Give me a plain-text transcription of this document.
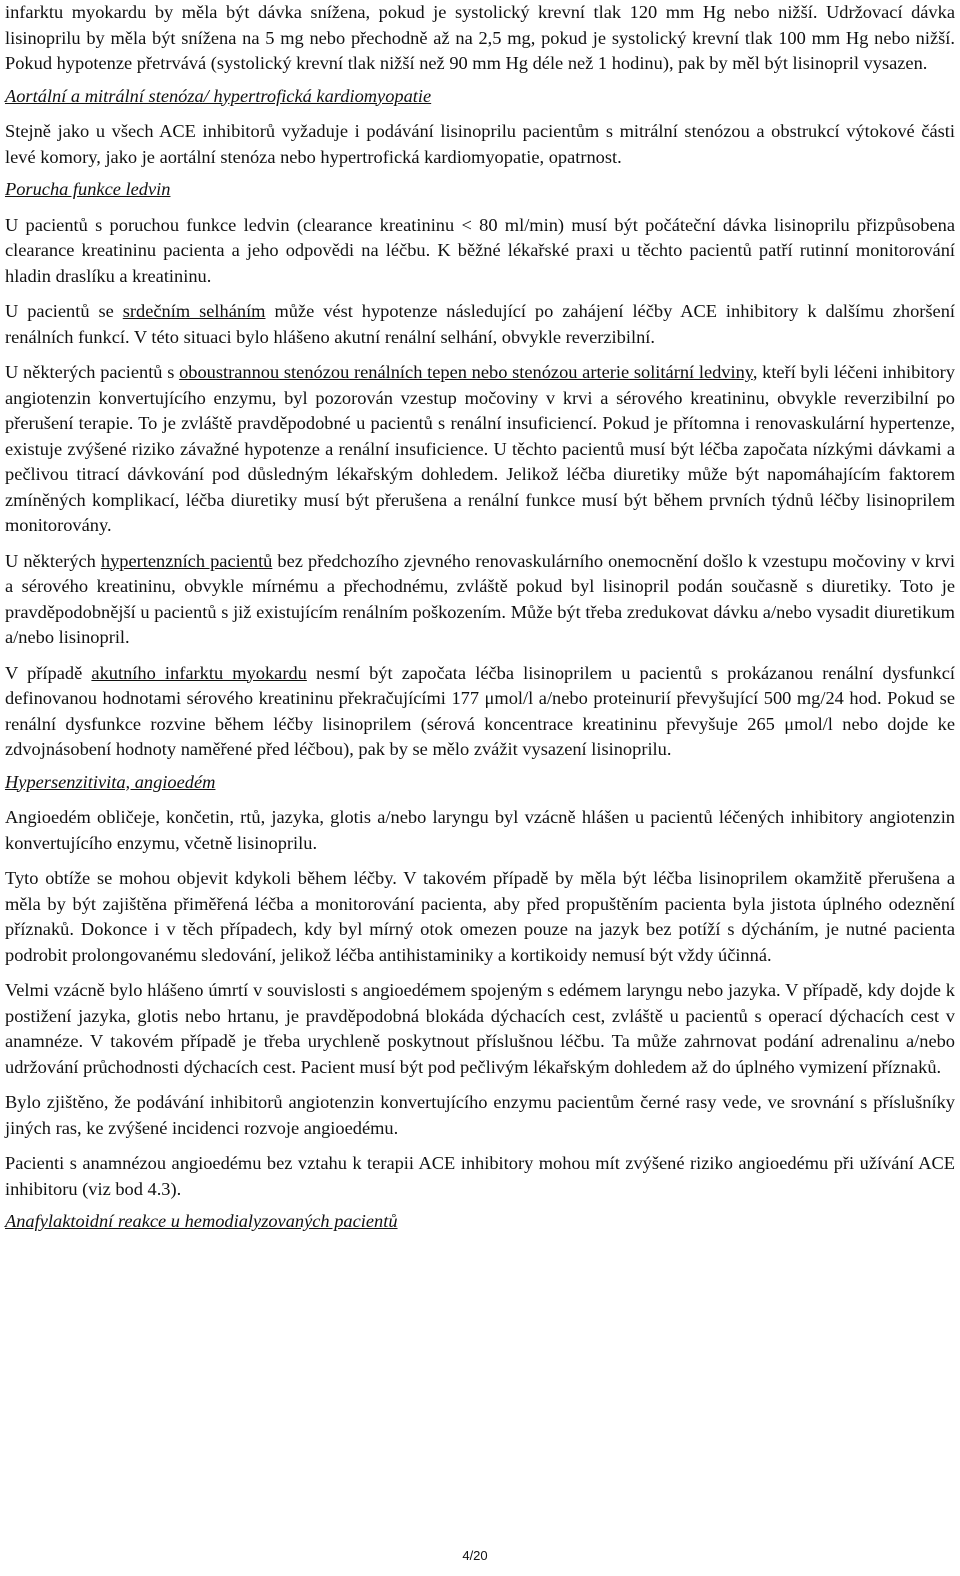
infarktu myokardu by měla být dávka snížena, pokud je systolický krevní tlak 120 mm Hg nebo nižší. Udržovací dávka lisinoprilu by měla být snížena na 5 mg nebo přechodně až na 2,5 mg, pokud je systolický krevní tlak 100 mm Hg nebo nižší. Pokud hypotenze přetrvává (systolický krevní tlak nižší než 90 mm Hg déle než 1 hodinu), pak by měl být lisinopril vysazen.

Aortální a mitrální stenóza/ hypertrofická kardiomyopatie

Stejně jako u všech ACE inhibitorů vyžaduje i podávání lisinoprilu pacientům s mitrální stenózou a obstrukcí výtokové části levé komory, jako je aortální stenóza nebo hypertrofická kardiomyopatie, opatrnost.

Porucha funkce ledvin

U pacientů s poruchou funkce ledvin (clearance kreatininu < 80 ml/min) musí být počáteční dávka lisinoprilu přizpůsobena clearance kreatininu pacienta a jeho odpovědi na léčbu. K běžné lékařské praxi u těchto pacientů patří rutinní monitorování hladin draslíku a kreatininu.

U pacientů se srdečním selháním může vést hypotenze následující po zahájení léčby ACE inhibitory k dalšímu zhoršení renálních funkcí. V této situaci bylo hlášeno akutní renální selhání, obvykle reverzibilní.

U některých pacientů s oboustrannou stenózou renálních tepen nebo stenózou arterie solitární ledviny, kteří byli léčeni inhibitory angiotenzin konvertujícího enzymu, byl pozorován vzestup močoviny v krvi a sérového kreatininu, obvykle reverzibilní po přerušení terapie. To je zvláště pravděpodobné u pacientů s renální insuficiencí. Pokud je přítomna i renovaskulární hypertenze, existuje zvýšené riziko závažné hypotenze a renální insuficience. U těchto pacientů musí být léčba započata nízkými dávkami a pečlivou titrací dávkování pod důsledným lékařským dohledem. Jelikož léčba diuretiky může být napomáhajícím faktorem zmíněných komplikací, léčba diuretiky musí být přerušena a renální funkce musí být během prvních týdnů léčby lisinoprilem monitorovány.

U některých hypertenzních pacientů bez předchozího zjevného renovaskulárního onemocnění došlo k vzestupu močoviny v krvi a sérového kreatininu, obvykle mírnému a přechodnému, zvláště pokud byl lisinopril podán současně s diuretiky. Toto je pravděpodobnější u pacientů s již existujícím renálním poškozením. Může být třeba zredukovat dávku a/nebo vysadit diuretikum a/nebo lisinopril.

V případě akutního infarktu myokardu nesmí být započata léčba lisinoprilem u pacientů s prokázanou renální dysfunkcí definovanou hodnotami sérového kreatininu překračujícími 177 μmol/l a/nebo proteinurií převyšující 500 mg/24 hod. Pokud se renální dysfunkce rozvine během léčby lisinoprilem (sérová koncentrace kreatininu převyšuje 265 μmol/l nebo dojde ke zdvojnásobení hodnoty naměřené před léčbou), pak by se mělo zvážit vysazení lisinoprilu.

Hypersenzitivita, angioedém

Angioedém obličeje, končetin, rtů, jazyka, glotis a/nebo laryngu byl vzácně hlášen u pacientů léčených inhibitory angiotenzin konvertujícího enzymu, včetně lisinoprilu.

Tyto obtíže se mohou objevit kdykoli během léčby. V takovém případě by měla být léčba lisinoprilem okamžitě přerušena a měla by být zajištěna přiměřená léčba a monitorování pacienta, aby před propuštěním pacienta byla jistota úplného odeznění příznaků. Dokonce i v těch případech, kdy byl mírný otok omezen pouze na jazyk bez potíží s dýcháním, je nutné pacienta podrobit prolongovanému sledování, jelikož léčba antihistaminiky a kortikoidy nemusí být vždy účinná.

Velmi vzácně bylo hlášeno úmrtí v souvislosti s angioedémem spojeným s edémem laryngu nebo jazyka. V případě, kdy dojde k postižení jazyka, glotis nebo hrtanu, je pravděpodobná blokáda dýchacích cest, zvláště u pacientů s operací dýchacích cest v anamnéze. V takovém případě je třeba urychleně poskytnout příslušnou léčbu. Ta může zahrnovat podání adrenalinu a/nebo udržování průchodnosti dýchacích cest. Pacient musí být pod pečlivým lékařským dohledem až do úplného vymizení příznaků.

Bylo zjištěno, že podávání inhibitorů angiotenzin konvertujícího enzymu pacientům černé rasy vede, ve srovnání s příslušníky jiných ras, ke zvýšené incidenci rozvoje angioedému.

Pacienti s anamnézou angioedému bez vztahu k terapii ACE inhibitory mohou mít zvýšené riziko angioedému při užívání ACE inhibitoru (viz bod 4.3).

Anafylaktoidní reakce u hemodialyzovaných pacientů
4/20
